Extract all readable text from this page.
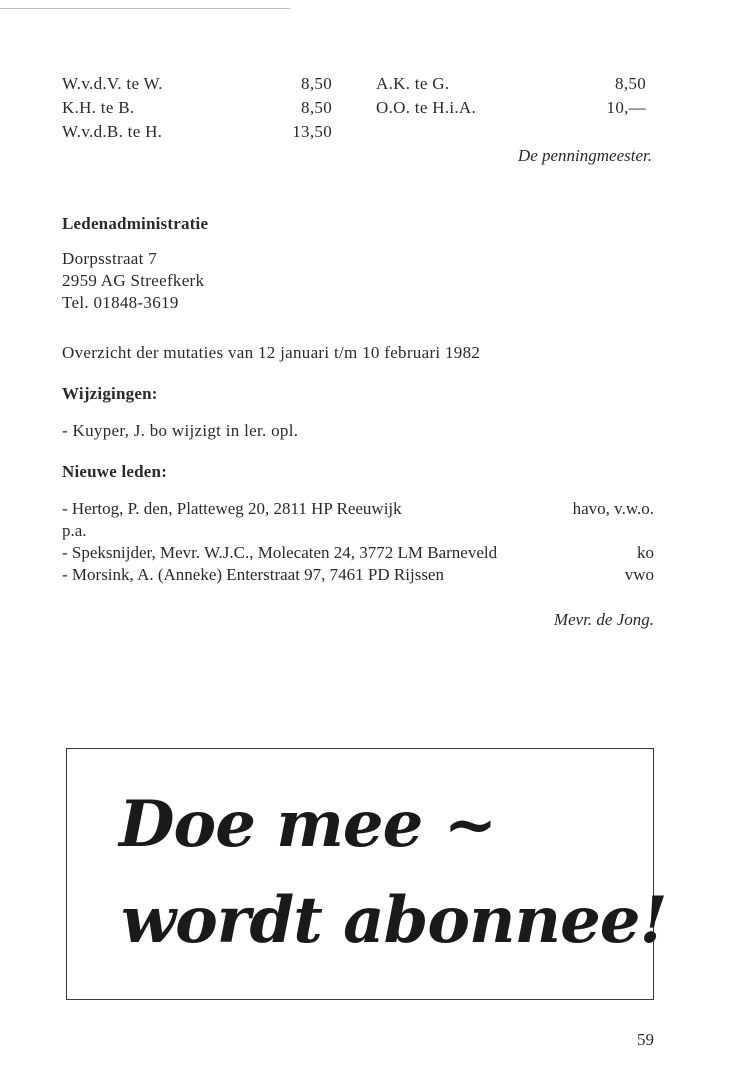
W.v.d.V. te W.	8,50	A.K. te G.	8,50
K.H. te B.	8,50	O.O. te H.i.A.	10,—
W.v.d.B. te H.	13,50
De penningmeester.
Ledenadministratie
Dorpsstraat 7
2959 AG Streefkerk
Tel. 01848-3619
Overzicht der mutaties van 12 januari t/m 10 februari 1982
Wijzigingen:
- Kuyper, J. bo wijzigt in ler. opl.
Nieuwe leden:
- Hertog, P. den, Platteweg 20, 2811 HP Reeuwijk	havo, v.w.o.
p.a.
- Speksnijder, Mevr. W.J.C., Molecaten 24, 3772 LM Barneveld	ko
- Morsink, A. (Anneke) Enterstraat 97, 7461 PD Rijssen	vwo
Mevr. de Jong.
Doe mee ~
wordt abonnee!
59
